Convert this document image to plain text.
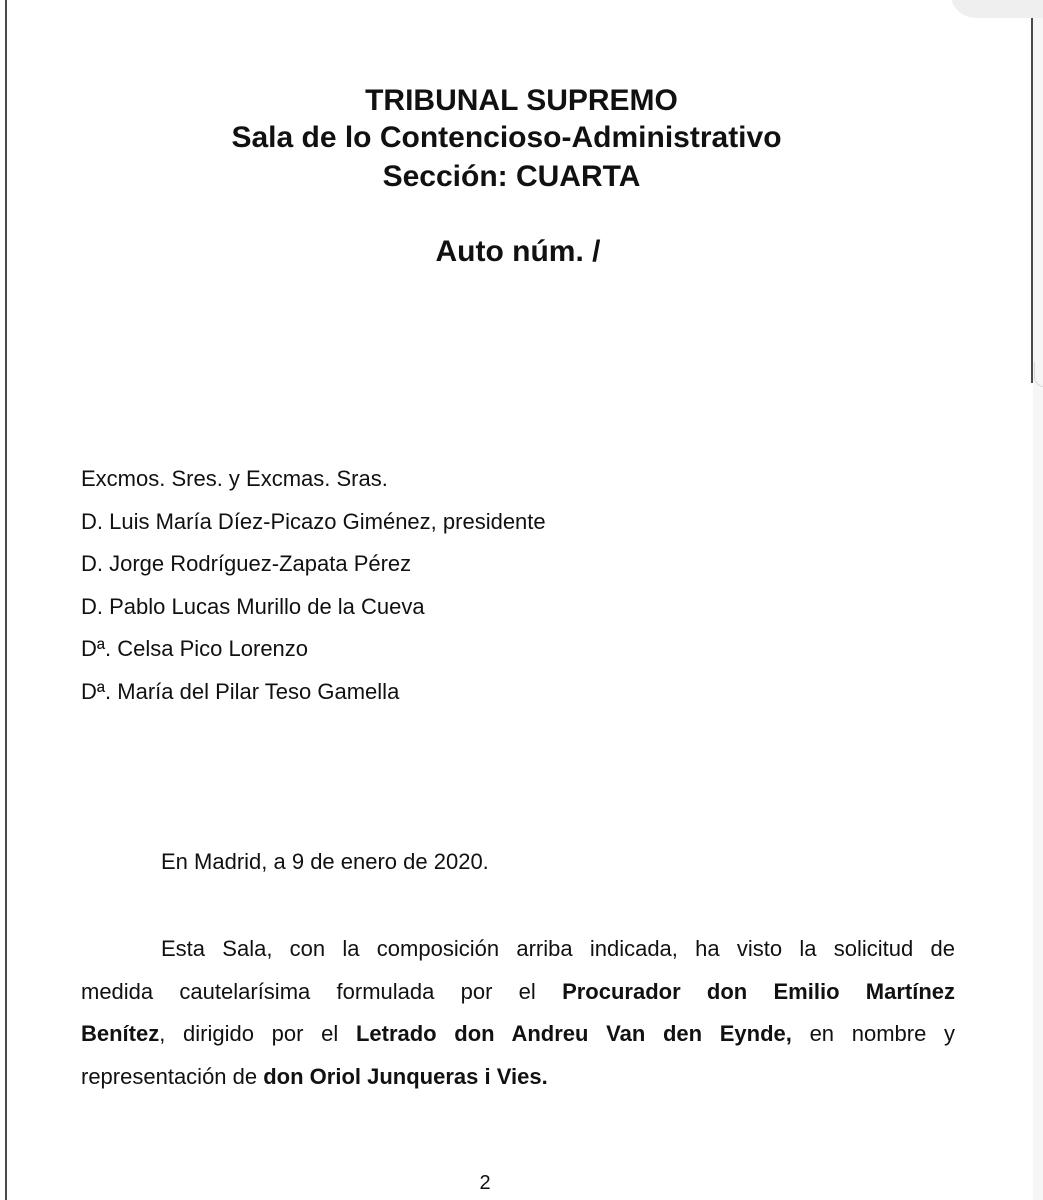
TRIBUNAL SUPREMO
Sala de lo Contencioso-Administrativo
Sección: CUARTA
Auto núm. /
Excmos. Sres. y Excmas. Sras.
D. Luis María Díez-Picazo Giménez, presidente
D. Jorge Rodríguez-Zapata Pérez
D. Pablo Lucas Murillo de la Cueva
Dª. Celsa Pico Lorenzo
Dª. María del Pilar Teso Gamella
En Madrid, a 9 de enero de 2020.
Esta Sala, con la composición arriba indicada, ha visto la solicitud de
medida cautelarísima formulada por el Procurador don Emilio Martínez
Benítez, dirigido por el Letrado don Andreu Van den Eynde, en nombre y
representación de don Oriol Junqueras i Vies.
2
